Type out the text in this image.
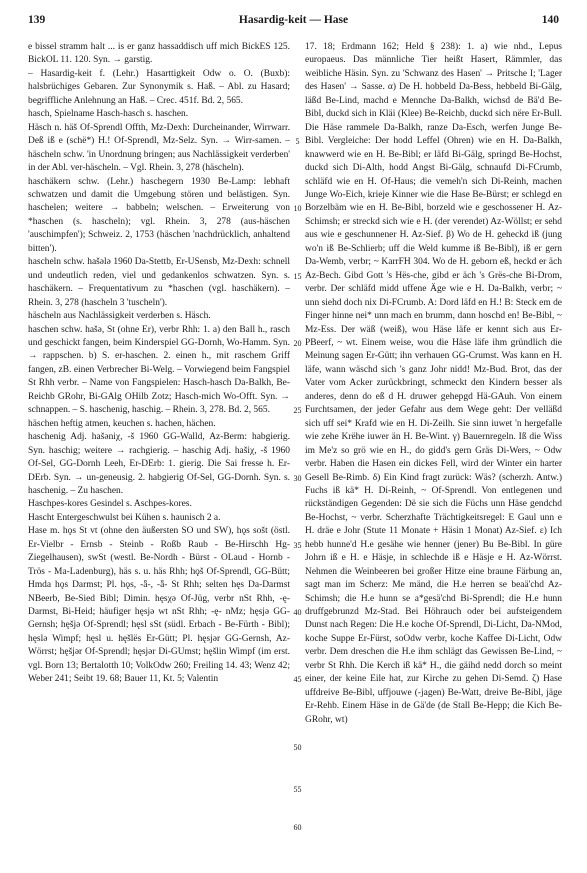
139	Hasardig-keit — Hase	140

e bissel stramm halt ... is er ganz hassaddisch uff mich BickES 125. BickOL 11. 120. Syn. → garstig.

– Hasardig-keit f. (Lehr.) Hasarttigkeit Odw o. O. (Buxb): halsbrüchiges Gebaren. Zur Synonymik s. Haß. – Abl. zu Hasard; begriffliche Anlehnung an Haß. – Crec. 451f. Bd. 2, 565.

hasch, Spielname Hasch-hasch s. haschen.

Häsch n. häš Of-Sprendl Offth, Mz-Dexh: Durcheinander, Wirrwarr. Deß iß e (schë*) H.! Of-Sprendl, Mz-Selz. Syn. → Wirr-samen. – häscheln schw. 'in Unordnung bringen; aus Nachlässigkeit verderben' in der Abl. ver-häscheln. – Vgl. Rhein. 3, 278 (häscheln).

haschäkern schw. (Lehr.) haschegern 1930 Be-Lamp: lebhaft schwatzen und damit die Umgebung stören und belästigen. Syn. haschelen; weitere → babbeln; welschen. – Erweiterung von *haschen (s. hascheln); vgl. Rhein. 3, 278 (aus-häschen 'auschimpfen'); Schweiz. 2, 1753 (häschen 'nachdrücklich, anhaltend bitten').

hascheln schw. hašələ 1960 Da-Stettb, Er-USensb, Mz-Dexh: schnell und undeutlich reden, viel und gedankenlos schwatzen. Syn. s. haschäkern. – Frequentativum zu *haschen (vgl. haschäkern). – Rhein. 3, 278 (hascheln 3 'tuscheln').

häscheln aus Nachlässigkeit verderben s. Häsch.

haschen schw. hašə, St (ohne Er), verbr Rhh: 1. a) den Ball h., rasch und geschickt fangen, beim Kinderspiel GG-Dornh, Wo-Hamm. Syn. → rappschen. b) S. er-haschen. 2. einen h., mit raschem Griff fangen, zB. einen Verbrecher Bi-Welg. – Vorwiegend beim Fangspiel St Rhh verbr. – Name von Fangspielen: Hasch-hasch Da-Balkh, Be-Reichb GRohr, Bi-GAlg OHilb Zotz; Hasch-mich Wo-Offt. Syn. → schnappen. – S. haschenig, haschig. – Rhein. 3, 278. Bd. 2, 565.

häschen heftig atmen, keuchen s. hachen, hächen.

haschenig Adj. hašəniχ, -š 1960 GG-Walld, Az-Berm: habgierig. Syn. haschig; weitere → rachgierig. – haschig Adj. hašiχ, -š 1960 Of-Sel, GG-Dornh Leeh, Er-DErb: 1. gierig. Die Sai fresse h. Er-DErb. Syn. → un-geneusig. 2. habgierig Of-Sel, GG-Dornh. Syn. s. haschenig. – Zu haschen.

Haschpes-kores Gesindel s. Aschpes-kores.

Hascht Entergeschwulst bei Kühen s. haunisch 2 a.

Hase m. hǫs St vt (ohne den äußersten SO und SW), hǫs sošt (östl. Er-Vielbr - Ernsb - Steinb - Roßb Raub - Be-Hirschh Hg-Ziegelhausen), swSt (westl. Be-Nordh - Bürst - OLaud - Hornb - Trös - Ma-Ladenburg), häs s. u. häs Rhh; hǫš Of-Sprendl, GG-Bütt; Hmda hǫs Darmst; Pl. hǫs, -ǟ-, -ǟ- St Rhh; selten hęs Da-Darmst NBeerb, Be-Sied Bibl; Dimin. hęsχə Of-Jüg, verbr nSt Rhh, -ę- Darmst, Bi-Heid; häufiger hęsjə wt nSt Rhh; -ę- nMz; hęsjə GG-Gernsh; hęšjə Of-Sprendl; hęsl sSt (südl. Erbach - Be-Fürth - Bibl); hęslə Wimpf; hęsl u. hęšlës Er-Gütt; Pl. hęsjər GG-Gernsh, Az-Wörrst; hęšjər Of-Sprendl; hęsjər Di-GUmst; hęšlin Wimpf (im erst. vgl. Born 13; Bertalotth 10; VolkOdw 260; Freiling 14. 43; Wenz 42; Weber 241; Seibt 19. 68; Bauer 11, Kt. 5; Valentin

5
10
15
20
25
30
35
40
45
50
55
60

17. 18; Erdmann 162; Held § 238): 1. a) wie nhd., Lepus europaeus. Das männliche Tier heißt Hasert, Rämmler, das weibliche Häsin. Syn. zu 'Schwanz des Hasen' → Pritsche I; 'Lager des Hasen' → Sasse. α) De H. hobbeld Da-Bess, hebbeld Bi-Gälg, läßd Be-Lind, machd e Mennche Da-Balkh, wichsd de Bä'd Be-Bibl, duckd sich in Kläi (Klee) Be-Reichb, duckd sich nëre Er-Bull. Die Häse rammele Da-Balkh, ranze Da-Esch, werfen Junge Be-Bibl. Vergleiche: Der hodd Leffel (Ohren) wie en H. Da-Balkh, knawwerd wie en H. Be-Bibl; er läfd Bi-Gälg, springd Be-Hochst, duckd sich Di-Alth, hodd Angst Bi-Gälg, schnaufd Di-FCrumb, schläfd wie en H. Of-Haus; die vemeh'n sich Di-Reinh, machen Junge Wo-Eich, krieje Kinner wie die Hase Be-Bürst; er schlegd en Borzelbäm wie en H. Be-Bibl, borzeld wie e geschossener H. Az-Schimsh; er streckd sich wie e H. (der verendet) Az-Wöllst; er sehd aus wie e geschunnener H. Az-Sief. β) Wo de H. geheckd iß (jung wo'n iß Be-Schlierb; uff die Weld kumme iß Be-Bibl), iß er gern Da-Wemb, verbr; ~ KarrFH 304. Wo de H. geborn eß, heckd er äch Az-Bech. Gibd Gott 's Hës-che, gibd er äch 's Grës-che Bi-Drom, verbr. Der schläfd midd uffene Äge wie e H. Da-Balkh, verbr; ~ unn siehd doch nix Di-FCrumb. A: Dord läfd en H.! B: Steck em de Finger hinne nei* unn mach en brumm, dann hoschd en! Be-Bibl, ~ Mz-Ess. Der wäß (weiß), wou Häse läfe er kennt sich aus Er-PBeerf, ~ wt. Einem weise, wou die Häse läfe ihm gründlich die Meinung sagen Er-Gütt; ihn verhauen GG-Crumst. Was kann en H. läfe, wann wäschd sich 's ganz Johr nidd! Mz-Bud. Brot, das der Vater vom Acker zurückbringt, schmeckt den Kindern besser als anderes, denn do eß d H. druwer gehepgd Hä-GAuh. Von einem Furchtsamen, der jeder Gefahr aus dem Wege geht: Der velläßd sich uff sei* Krafd wie en H. Di-Zeilh. Sie sinn iuwet 'n hergefalle wie zehe Krëhe iuwer än H. Be-Wint. γ) Bauernregeln. Iß die Wiss im Me'z so grö wie en H., do gidd's gern Gräs Di-Wers, ~ Odw verbr. Haben die Hasen ein dickes Fell, wird der Winter ein harter Gesell Be-Rimb. δ) Ein Kind fragt zurück: Wäs? (scherzh. Antw.) Fuchs iß kä* H. Di-Reinh, ~ Of-Sprendl. Von entlegenen und rückständigen Gegenden: Dë sie sich die Füchs unn Häse gendchd Be-Hochst, ~ verbr. Scherzhafte Trächtigkeitsregel: E Gaul unn e H. dräe e Johr (Stute 11 Monate + Häsin 1 Monat) Az-Sief. ε) Ich hebb hunne'd H.e gesähe wie henner (jener) Bu Be-Bibl. In güre Johrn iß e H. e Häsje, in schlechde iß e Häsje e H. Az-Wörrst. Nehmen die Weinbeeren bei großer Hitze eine braune Färbung an, sagt man im Scherz: Me mänd, die H.e herren se beaä'chd Az-Schimsh; die H.e hunn se a*gesä'chd Bi-Sprendl; die H.e hunn druffgebrunzd Mz-Stad. Bei Höhrauch oder bei aufsteigendem Dunst nach Regen: Die H.e koche Of-Sprendl, Di-Licht, Da-NMod, koche Suppe Er-Fürst, soOdw verbr, koche Kaffee Di-Licht, Odw verbr. Dem dreschen die H.e ihm schlägt das Gewissen Be-Lind, ~ verbr St Rhh. Die Kerch iß kä* H., die gäihd nedd dorch so meint einer, der keine Eile hat, zur Kirche zu gehen Di-Semd. ζ) Hase uffdreive Be-Bibl, uffjouwe (-jagen) Be-Watt, dreive Be-Bibl, jäge Er-Rehb. Einem Häse in de Gä'de (de Stall Be-Hepp; die Kich Be-GRohr, wt)
